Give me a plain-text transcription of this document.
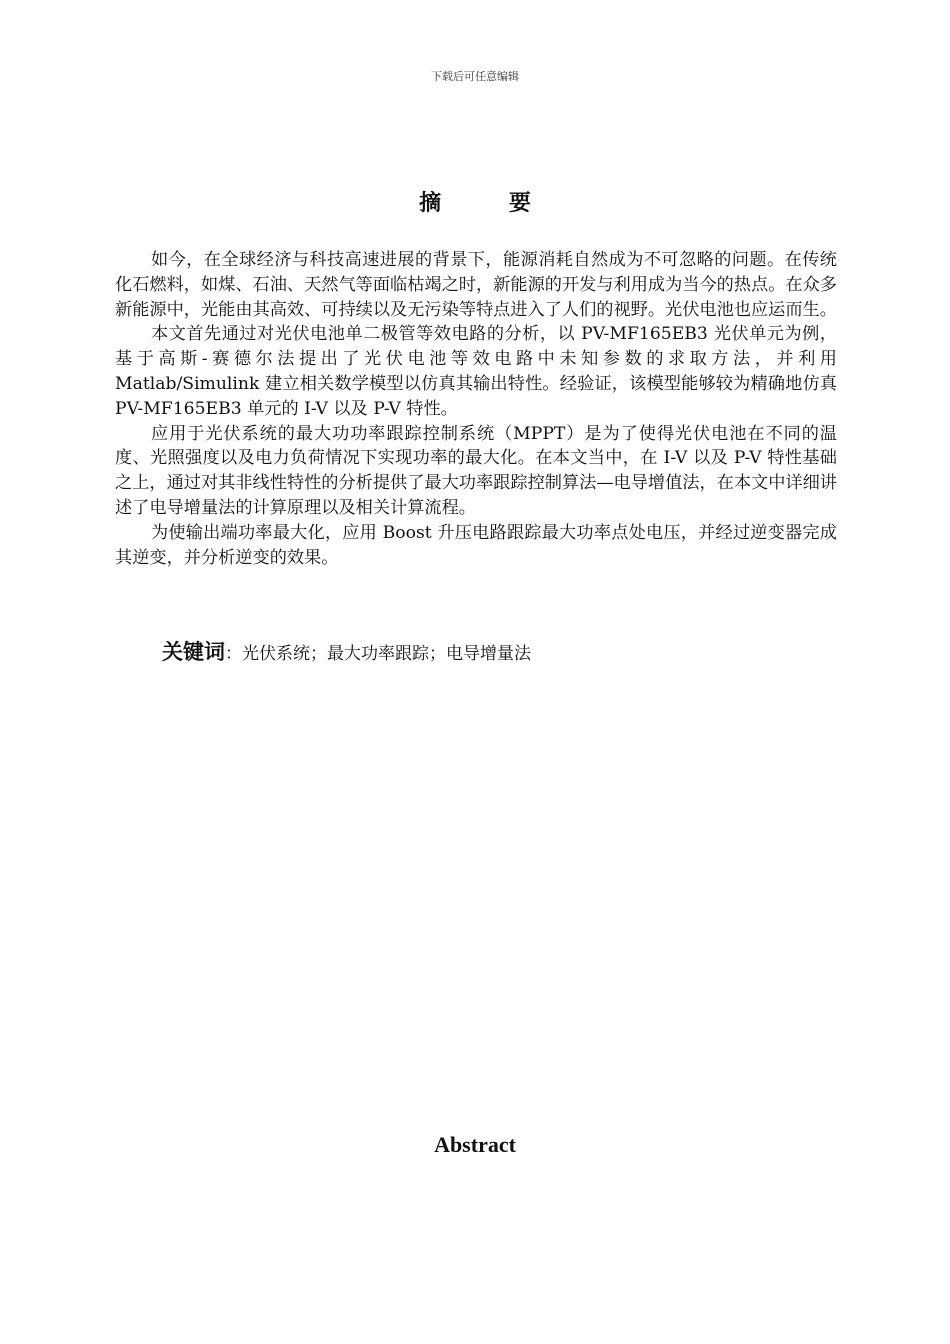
下载后可任意编辑
摘 要

如今，在全球经济与科技高速进展的背景下，能源消耗自然成为不可忽略的问题。在传统化石燃料，如煤、石油、天然气等面临枯竭之时，新能源的开发与利用成为当今的热点。在众多新能源中，光能由其高效、可持续以及无污染等特点进入了人们的视野。光伏电池也应运而生。

本文首先通过对光伏电池单二极管等效电路的分析，以 PV-MF165EB3 光伏单元为例，基于高斯-赛德尔法提出了光伏电池等效电路中未知参数的求取方法，并利用 Matlab/Simulink 建立相关数学模型以仿真其输出特性。经验证，该模型能够较为精确地仿真 PV-MF165EB3 单元的 I-V 以及 P-V 特性。

应用于光伏系统的最大功功率跟踪控制系统（MPPT）是为了使得光伏电池在不同的温度、光照强度以及电力负荷情况下实现功率的最大化。在本文当中，在 I-V 以及 P-V 特性基础之上，通过对其非线性特性的分析提供了最大功率跟踪控制算法—电导增值法，在本文中详细讲述了电导增量法的计算原理以及相关计算流程。

为使输出端功率最大化，应用 Boost 升压电路跟踪最大功率点处电压，并经过逆变器完成其逆变，并分析逆变的效果。

关键词：光伏系统；最大功率跟踪；电导增量法
Abstract
